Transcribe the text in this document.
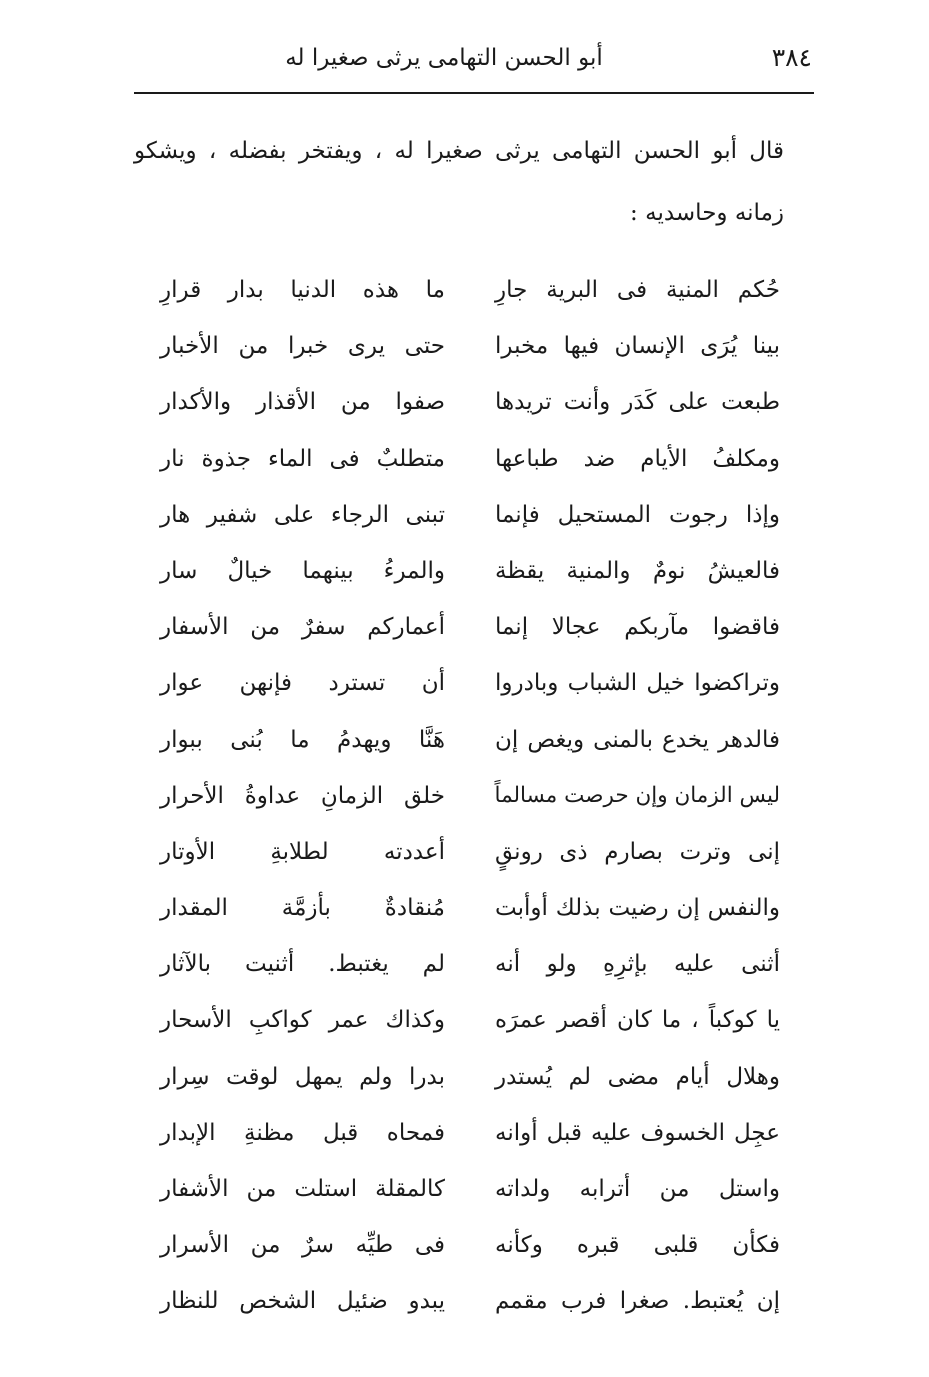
٣٨٤
أبو الحسن التهامى يرثى صغيرا له
قال أبو الحسن التهامى يرثى صغيرا له ، ويفتخر بفضله ، ويشكو
زمانه وحاسديه :
حُكم المنية فى البرية جارِ
ما هذه الدنيا بدار قرارِ
بينا يُرَى الإنسان فيها مخبرا
حتى يرى خبرا من الأخبار
طبعت على كَدَر وأنت تريدها
صفوا من الأقذار والأكدار
ومكلفُ الأيام ضد طباعها
متطلبٌ فى الماء جذوة نار
وإذا رجوت المستحيل فإنما
تبنى الرجاء على شفير هار
فالعيشُ نومٌ والمنية يقظة
والمرءُ بينهما خيالٌ سار
فاقضوا مآربكم عجالا إنما
أعماركم سفرٌ من الأسفار
وتراكضوا خيل الشباب وبادروا
أن تسترد فإنهن عوار
فالدهر يخدع بالمنى ويغص إن
هَنَّا ويهدمُ ما بُنى ببوار
ليس الزمان وإن حرصت مسالماً
خلق الزمانِ عداوةُ الأحرار
إنى وترت بصارم ذى رونقٍ
أعددته لطلابةِ الأوتار
والنفس إن رضيت بذلك أوأبت
مُنقادةٌ بأزمَّة المقدار
أثنى عليه بإثرِهِ ولو أنه
لم يغتبط. أثنيت بالآثار
يا كوكباً ، ما كان أقصر عمرَه
وكذاك عمر كواكبِ الأسحار
وهلال أيام مضى لم يُستدر
بدرا ولم يمهل لوقت سِرار
عجِل الخسوف عليه قبل أوانه
فمحاه قبل مظنةِ الإبدار
واستل من أترابه ولداته
كالمقلة استلت من الأشفار
فكأن قلبى قبره وكأنه
فى طيِّه سرٌ من الأسرار
إن يُعتبط. صغرا فرب مقمم
يبدو ضئيل الشخص للنظار
